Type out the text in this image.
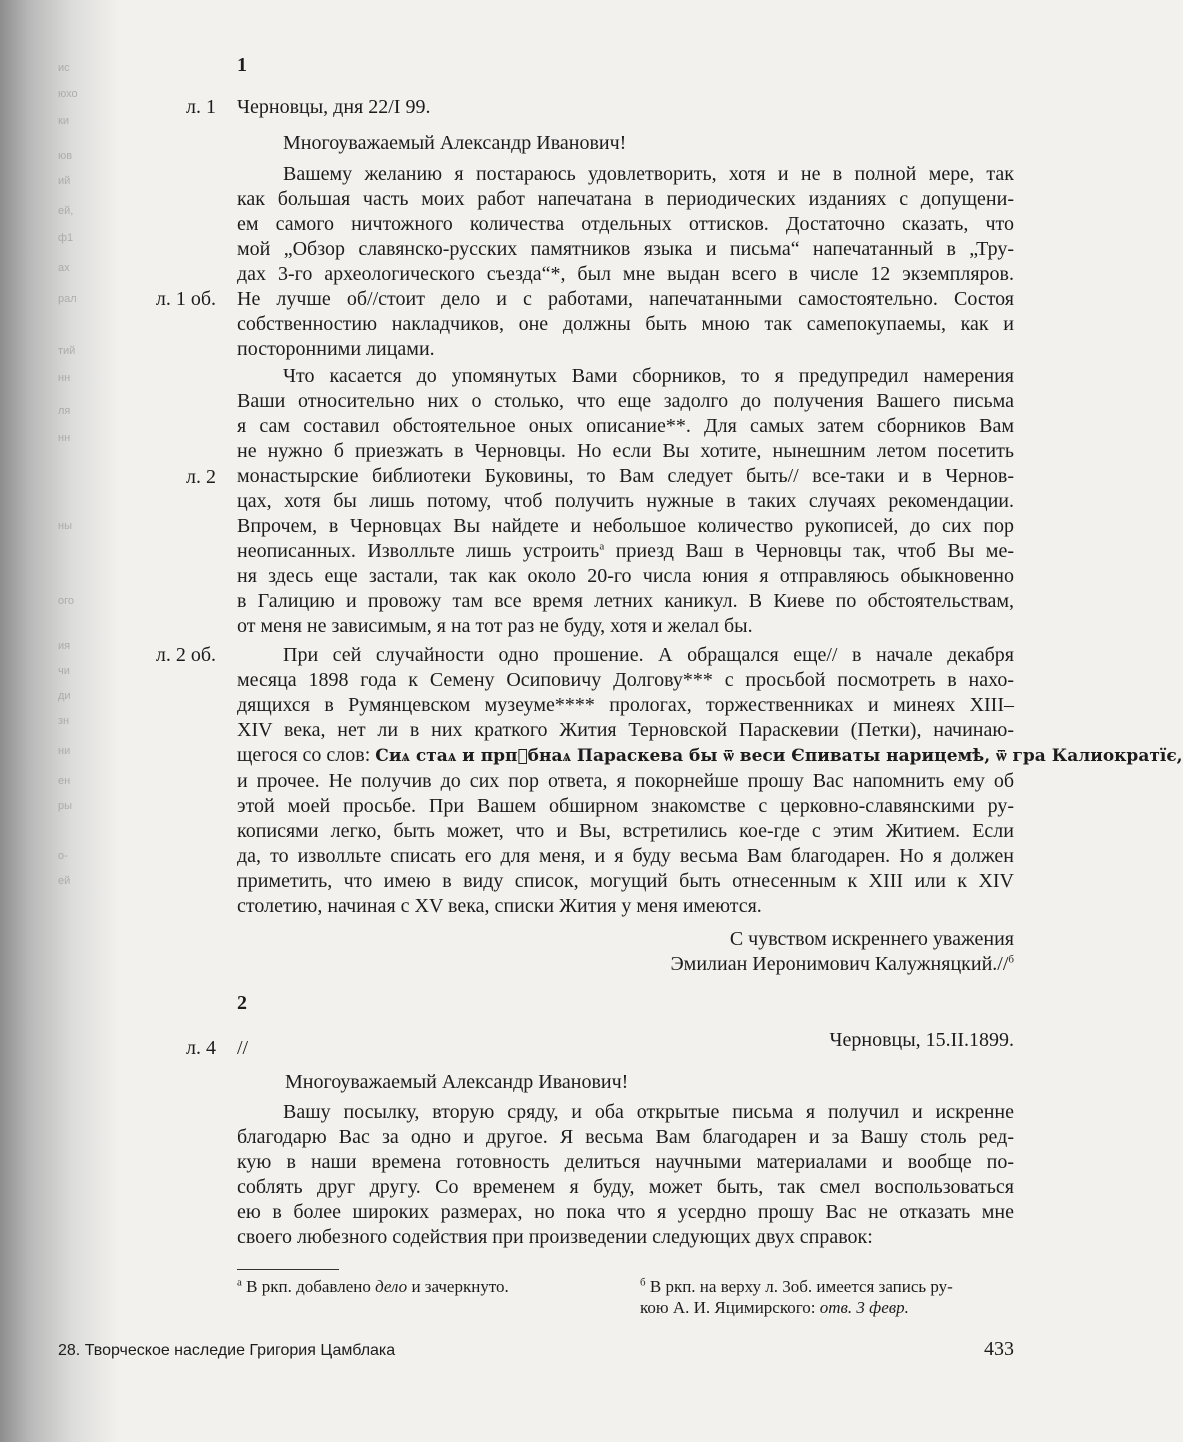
ис
юхо
ки
юв
ий
ей,
ф1
ах
рал
тий
нн
ля
нн
ны
ого
ия
чи
ди
зн
ни
ен
ры
о-
ей
1
л. 1 Черновцы, дня 22/I 99.
Многоуважаемый Александр Иванович!
Вашему желанию я постараюсь удовлетворить, хотя и не в полной мере, так
как большая часть моих работ напечатана в периодических изданиях с допущени-
ем самого ничтожного количества отдельных оттисков. Достаточно сказать, что
мой „Обзор славянско-русских памятников языка и письма“ напечатанный в „Тру-
дах 3-го археологического съезда“*, был мне выдан всего в числе 12 экземпляров.
Не лучше об//стоит дело и с работами, напечатанными самостоятельно. Состоя
собственностию накладчиков, оне должны быть мною так самепокупаемы, как и
посторонними лицами.
л. 1 об.
Что касается до упомянутых Вами сборников, то я предупредил намерения
Ваши относительно них о столько, что еще задолго до получения Вашего письма
я сам составил обстоятельное оных описание**. Для самых затем сборников Вам
не нужно б приезжать в Черновцы. Но если Вы хотите, нынешним летом посетить
монастырские библиотеки Буковины, то Вам следует быть// все-таки и в Чернов-
цах, хотя бы лишь потому, чтоб получить нужные в таких случаях рекомендации.
Впрочем, в Черновцах Вы найдете и небольшое количество рукописей, до сих пор
неописанных. Изволльте лишь устроить$^а$ приезд Ваш в Черновцы так, чтоб Вы ме-
ня здесь еще застали, так как около 20-го числа юния я отправляюсь обыкновенно
в Галицию и провожу там все время летних каникул. В Киеве по обстоятельствам,
от меня не зависимым, я на тот раз не буду, хотя и желал бы.
л. 2
При сей случайности одно прошение. А обращался еще// в начале декабря
месяца 1898 года к Семену Осиповичу Долгову*** с просьбой посмотреть в нахо-
дящихся в Румянцевском музеуме**** прологах, торжественниках и минеях XIII–
XIV века, нет ли в них краткого Жития Терновской Параскевии (Петки), начинаю-
щегося со слов: Сиѧ стаѧ и прпⷣбнаѧ Параскева бы ѿ веси Єпиваты нарицемѣ, ѿ гра Калиократїє,
и прочее. Не получив до сих пор ответа, я покорнейше прошу Вас напомнить ему об
этой моей просьбе. При Вашем обширном знакомстве с церковно-славянскими ру-
кописями легко, быть может, что и Вы, встретились кое-где с этим Житием. Если
да, то изволльте списать его для меня, и я буду весьма Вам благодарен. Но я должен
приметить, что имею в виду список, могущий быть отнесенным к XIII или к XIV
столетию, начиная с XV века, списки Жития у меня имеются.
л. 2 об.
С чувством искреннего уважения
Эмилиан Иеронимович Калужняцкий.//$^б$
2
л. 4 //	Черновцы, 15.II.1899.
Многоуважаемый Александр Иванович!
Вашу посылку, вторую сряду, и оба открытые письма я получил и искренне
благодарю Вас за одно и другое. Я весьма Вам благодарен и за Вашу столь ред-
кую в наши времена готовность делиться научными материалами и вообще по-
соблять друг другу. Со временем я буду, может быть, так смел воспользоваться
ею в более широких размерах, но пока что я усердно прошу Вас не отказать мне
своего любезного содействия при произведении следующих двух справок:
$^а$ В ркп. добавлено дело и зачеркнуто.	$^б$ В ркп. на верху л. 3об. имеется запись ру-
кою А. И. Яцимирского: отв. 3 февр.
28. Творческое наследие Григория Цамблака	433
